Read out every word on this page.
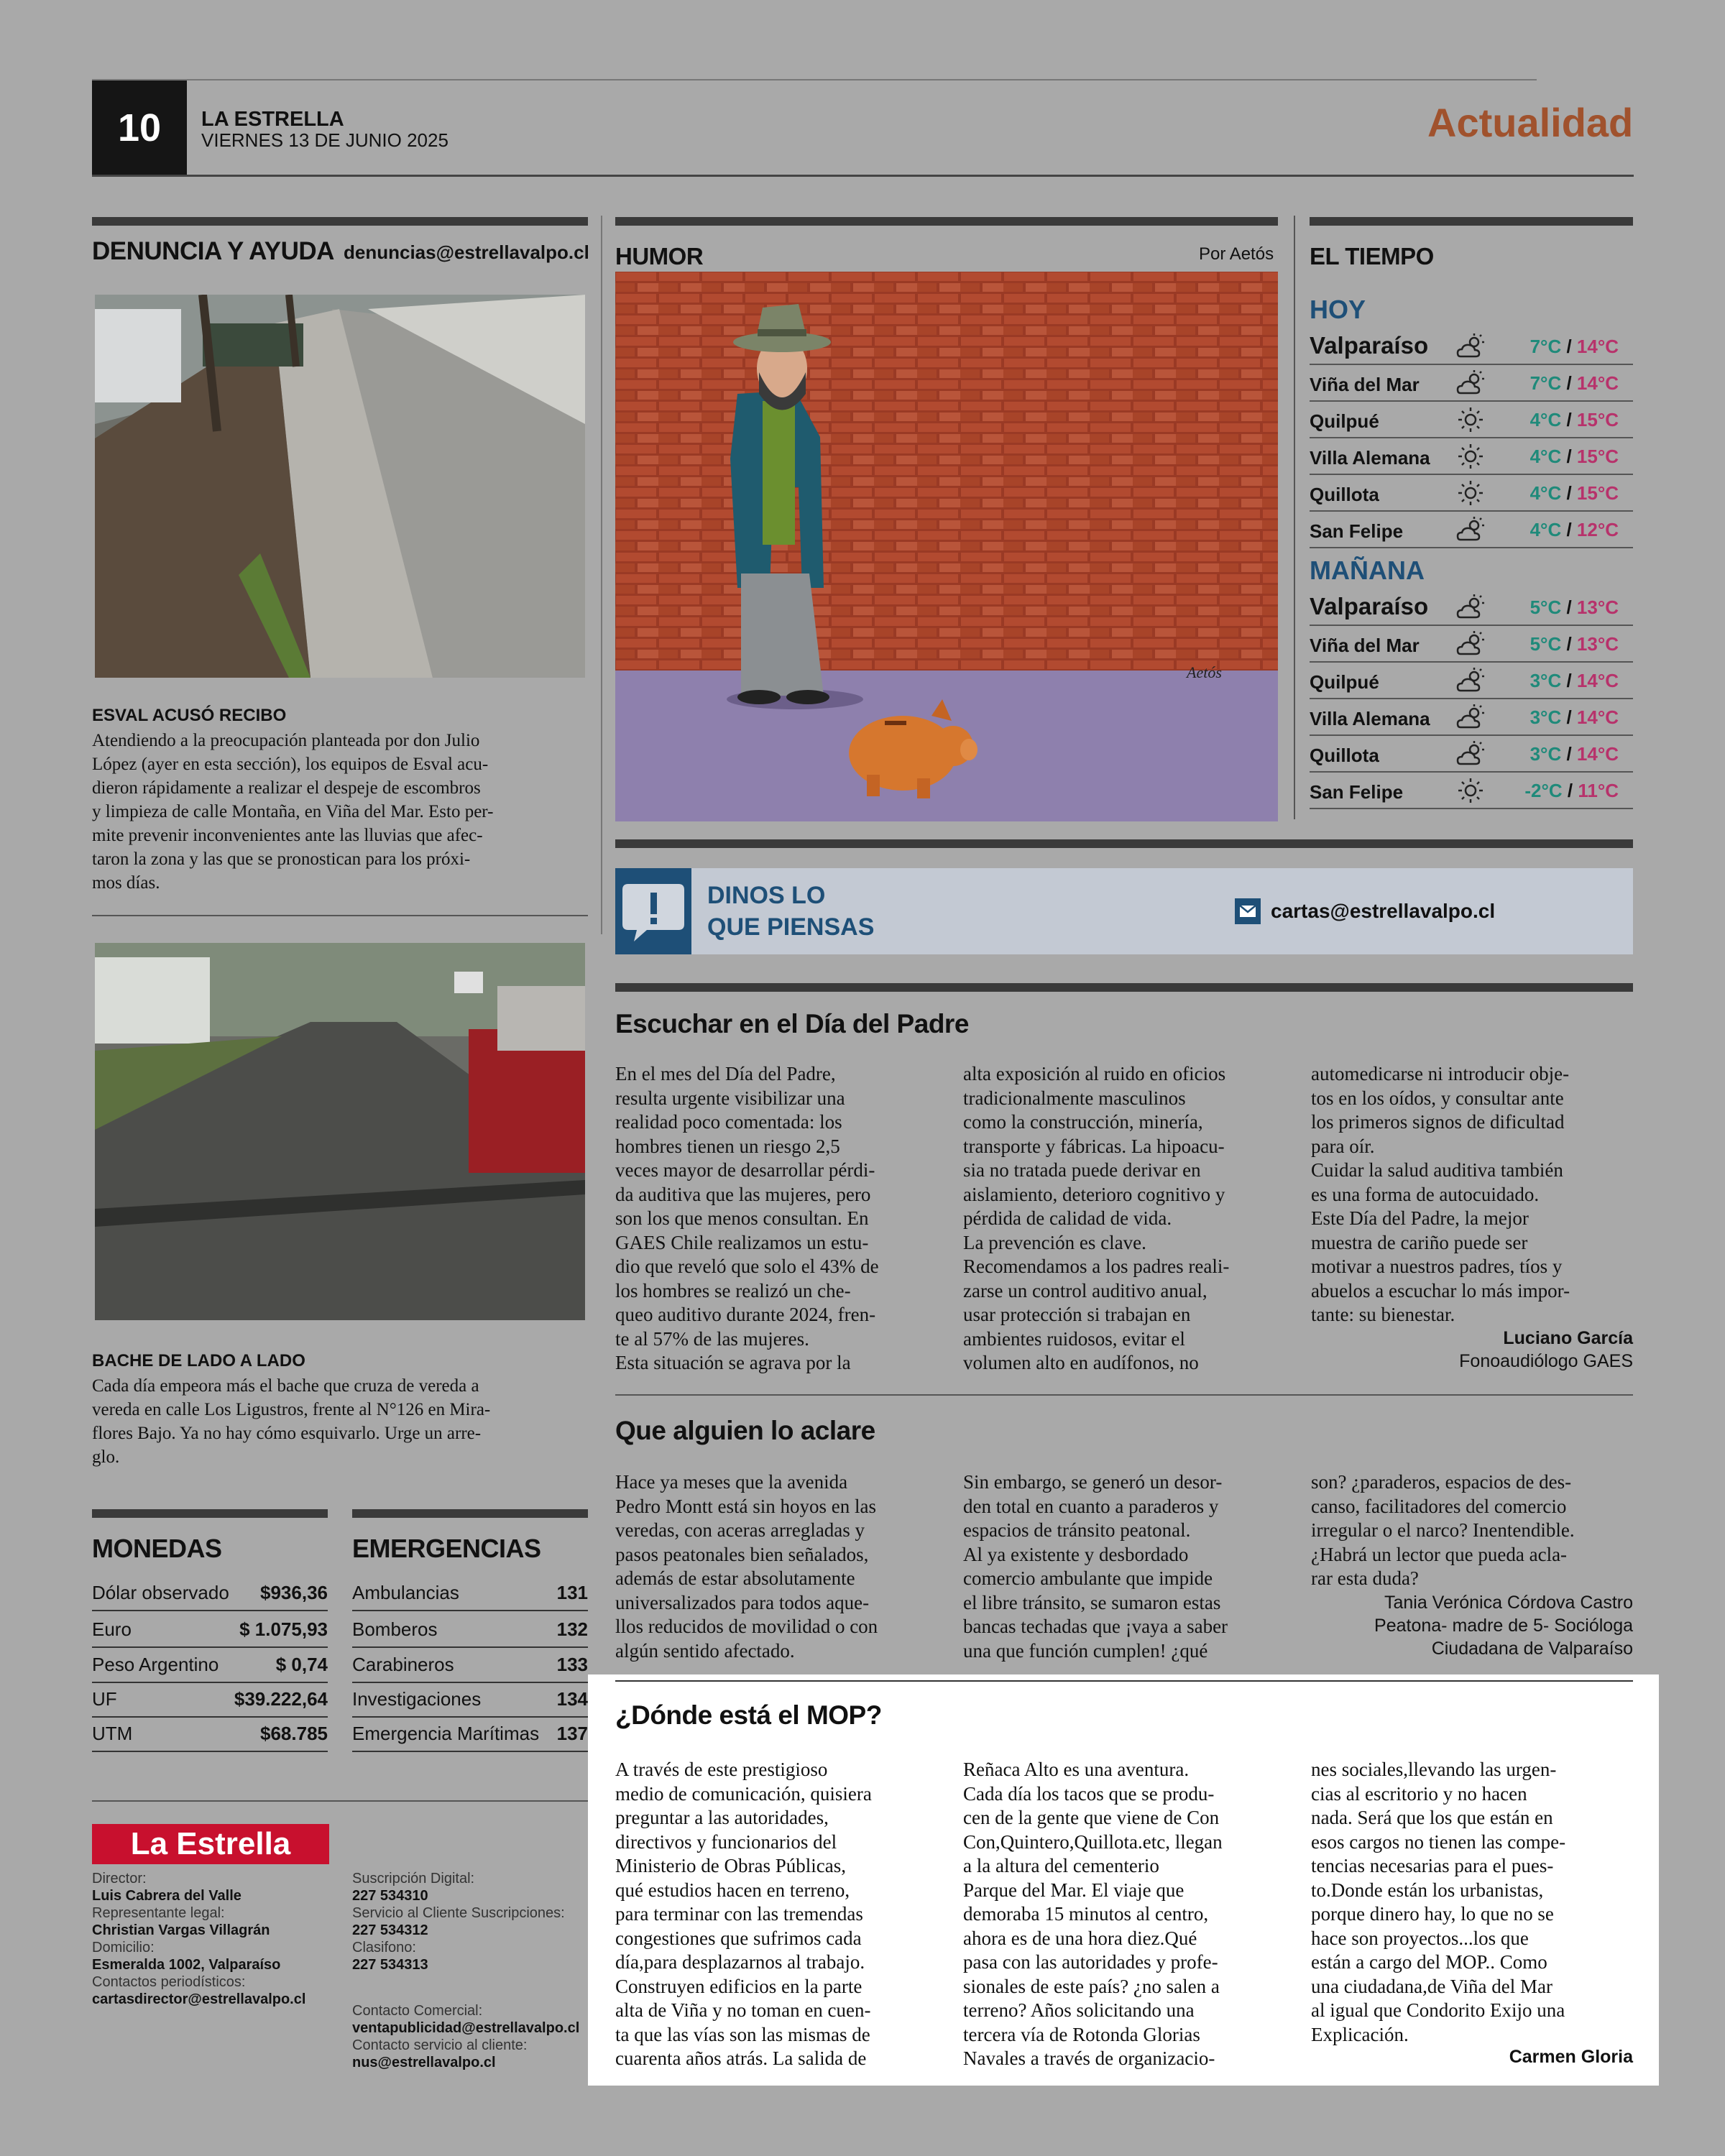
10	LA ESTRELLA
VIERNES 13 DE JUNIO 2025	Actualidad
DENUNCIA Y AYUDA denuncias@estrellavalpo.cl
ESVAL ACUSÓ RECIBO
Atendiendo a la preocupación planteada por don Julio
López (ayer en esta sección), los equipos de Esval acu-
dieron rápidamente a realizar el despeje de escombros
y limpieza de calle Montaña, en Viña del Mar. Esto per-
mite prevenir inconvenientes ante las lluvias que afec-
taron la zona y las que se pronostican para los próxi-
mos días.
BACHE DE LADO A LADO
Cada día empeora más el bache que cruza de vereda a
vereda en calle Los Ligustros, frente al N°126 en Mira-
flores Bajo. Ya no hay cómo esquivarlo. Urge un arre-
glo.
MONEDAS
Dólar observado $936,36
Euro	$ 1.075,93
Peso Argentino	$ 0,74
UF	$39.222,64
UTM	$68.785
EMERGENCIAS
Ambulancias	131
Bomberos	132
Carabineros	133
Investigaciones	134
Emergencia Marítimas 137
La Estrella
Director:
Luis Cabrera del Valle
Representante legal:
Christian Vargas Villagrán
Domicilio:
Esmeralda 1002, Valparaíso
Contactos periodísticos:
cartasdirector@estrellavalpo.cl
Suscripción Digital:
227 534310
Servicio al Cliente Suscripciones:
227 534312
Clasifono:
227 534313
Contacto Comercial:
ventapublicidad@estrellavalpo.cl
Contacto servicio al cliente:
nus@estrellavalpo.cl
HUMOR	Por Aetós
Aetós
EL TIEMPO
HOY
Valparaíso	7°C / 14°C
Viña del Mar	7°C / 14°C
Quilpué	4°C / 15°C
Villa Alemana	4°C / 15°C
Quillota	4°C / 15°C
San Felipe	4°C / 12°C
MAÑANA
Valparaíso	5°C / 13°C
Viña del Mar	5°C / 13°C
Quilpué	3°C / 14°C
Villa Alemana	3°C / 14°C
Quillota	3°C / 14°C
San Felipe	-2°C / 11°C
DINOS LO
QUE PIENSAS
cartas@estrellavalpo.cl
Escuchar en el Día del Padre
En el mes del Día del Padre,
resulta urgente visibilizar una
realidad poco comentada: los
hombres tienen un riesgo 2,5
veces mayor de desarrollar pérdi-
da auditiva que las mujeres, pero
son los que menos consultan. En
GAES Chile realizamos un estu-
dio que reveló que solo el 43% de
los hombres se realizó un che-
queo auditivo durante 2024, fren-
te al 57% de las mujeres.
Esta situación se agrava por la
alta exposición al ruido en oficios
tradicionalmente masculinos
como la construcción, minería,
transporte y fábricas. La hipoacu-
sia no tratada puede derivar en
aislamiento, deterioro cognitivo y
pérdida de calidad de vida.
La prevención es clave.
Recomendamos a los padres reali-
zarse un control auditivo anual,
usar protección si trabajan en
ambientes ruidosos, evitar el
volumen alto en audífonos, no
automedicarse ni introducir obje-
tos en los oídos, y consultar ante
los primeros signos de dificultad
para oír.
Cuidar la salud auditiva también
es una forma de autocuidado.
Este Día del Padre, la mejor
muestra de cariño puede ser
motivar a nuestros padres, tíos y
abuelos a escuchar lo más impor-
tante: su bienestar.
Luciano García
Fonoaudiólogo GAES
Que alguien lo aclare
Hace ya meses que la avenida
Pedro Montt está sin hoyos en las
veredas, con aceras arregladas y
pasos peatonales bien señalados,
además de estar absolutamente
universalizados para todos aque-
llos reducidos de movilidad o con
algún sentido afectado.
Sin embargo, se generó un desor-
den total en cuanto a paraderos y
espacios de tránsito peatonal.
Al ya existente y desbordado
comercio ambulante que impide
el libre tránsito, se sumaron estas
bancas techadas que ¡vaya a saber
una que función cumplen! ¿qué
son? ¿paraderos, espacios de des-
canso, facilitadores del comercio
irregular o el narco? Inentendible.
¿Habrá un lector que pueda acla-
rar esta duda?
Tania Verónica Córdova Castro
Peatona- madre de 5- Socióloga
Ciudadana de Valparaíso
¿Dónde está el MOP?
A través de este prestigioso
medio de comunicación, quisiera
preguntar a las autoridades,
directivos y funcionarios del
Ministerio de Obras Públicas,
qué estudios hacen en terreno,
para terminar con las tremendas
congestiones que sufrimos cada
día,para desplazarnos al trabajo.
Construyen edificios en la parte
alta de Viña y no toman en cuen-
ta que las vías son las mismas de
cuarenta años atrás. La salida de
Reñaca Alto es una aventura.
Cada día los tacos que se produ-
cen de la gente que viene de Con
Con,Quintero,Quillota.etc, llegan
a la altura del cementerio
Parque del Mar. El viaje que
demoraba 15 minutos al centro,
ahora es de una hora diez.Qué
pasa con las autoridades y profe-
sionales de este país? ¿no salen a
terreno? Años solicitando una
tercera vía de Rotonda Glorias
Navales a través de organizacio-
nes sociales,llevando las urgen-
cias al escritorio y no hacen
nada. Será que los que están en
esos cargos no tienen las compe-
tencias necesarias para el pues-
to.Donde están los urbanistas,
porque dinero hay, lo que no se
hace son proyectos...los que
están a cargo del MOP.. Como
una ciudadana,de Viña del Mar
al igual que Condorito Exijo una
Explicación.
Carmen Gloria
